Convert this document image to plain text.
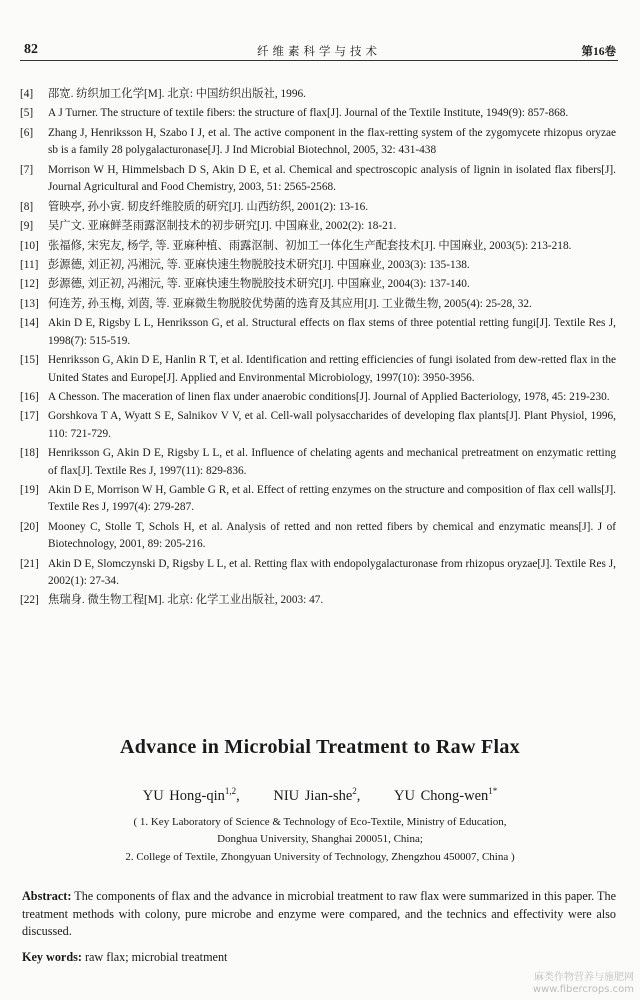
82	纤维素科学与技术	第16卷
[4]	邵宽. 纺织加工化学[M]. 北京: 中国纺织出版社, 1996.
[5]	A J Turner. The structure of textile fibers: the structure of flax[J]. Journal of the Textile Institute, 1949(9): 857-868.
[6]	Zhang J, Henriksson H, Szabo I J, et al. The active component in the flax-retting system of the zygomycete rhizopus oryzae sb is a family 28 polygalacturonase[J]. J Ind Microbial Biotechnol, 2005, 32: 431-438
[7]	Morrison W H, Himmelsbach D S, Akin D E, et al. Chemical and spectroscopic analysis of lignin in isolated flax fibers[J]. Journal Agricultural and Food Chemistry, 2003, 51: 2565-2568.
[8]	管映亭, 孙小寅. 韧皮纤维胶质的研究[J]. 山西纺织, 2001(2): 13-16.
[9]	吴广文. 亚麻鲜茎雨露沤制技术的初步研究[J]. 中国麻业, 2002(2): 18-21.
[10] 张福修, 宋宪友, 杨学, 等. 亚麻种植、雨露沤制、初加工一体化生产配套技术[J]. 中国麻业, 2003(5): 213-218.
[11] 彭源德, 刘正初, 冯湘沅, 等. 亚麻快速生物脱胶技术研究[J]. 中国麻业, 2003(3): 135-138.
[12] 彭源德, 刘正初, 冯湘沅, 等. 亚麻快速生物脱胶技术研究[J]. 中国麻业, 2004(3): 137-140.
[13] 何连芳, 孙玉梅, 刘茵, 等. 亚麻微生物脱胶优势菌的选育及其应用[J]. 工业微生物, 2005(4): 25-28, 32.
[14] Akin D E, Rigsby L L, Henriksson G, et al. Structural effects on flax stems of three potential retting fungi[J]. Textile Res J, 1998(7): 515-519.
[15] Henriksson G, Akin D E, Hanlin R T, et al. Identification and retting efficiencies of fungi isolated from dew-retted flax in the United States and Europe[J]. Applied and Environmental Microbiology, 1997(10): 3950-3956.
[16] A Chesson. The maceration of linen flax under anaerobic conditions[J]. Journal of Applied Bacteriology, 1978, 45: 219-230.
[17] Gorshkova T A, Wyatt S E, Salnikov V V, et al. Cell-wall polysaccharides of developing flax plants[J]. Plant Physiol, 1996, 110: 721-729.
[18] Henriksson G, Akin D E, Rigsby L L, et al. Influence of chelating agents and mechanical pretreatment on enzymatic retting of flax[J]. Textile Res J, 1997(11): 829-836.
[19] Akin D E, Morrison W H, Gamble G R, et al. Effect of retting enzymes on the structure and composition of flax cell walls[J]. Textile Res J, 1997(4): 279-287.
[20] Mooney C, Stolle T, Schols H, et al. Analysis of retted and non retted fibers by chemical and enzymatic means[J]. J of Biotechnology, 2001, 89: 205-216.
[21] Akin D E, Slomczynski D, Rigsby L L, et al. Retting flax with endopolygalacturonase from rhizopus oryzae[J]. Textile Res J, 2002(1): 27-34.
[22] 焦瑞身. 微生物工程[M]. 北京: 化学工业出版社, 2003: 47.
Advance in Microbial Treatment to Raw Flax
YU Hong-qin$^{1,2}$, NIU Jian-she$^2$, YU Chong-wen$^{1*}$
( 1. Key Laboratory of Science & Technology of Eco-Textile, Ministry of Education,
Donghua University, Shanghai 200051, China;
2. College of Textile, Zhongyuan University of Technology, Zhengzhou 450007, China )
Abstract: The components of flax and the advance in microbial treatment to raw flax were summarized in this paper. The treatment methods with colony, pure microbe and enzyme were compared, and the technics and effectivity were also discussed.
Key words: raw flax; microbial treatment
麻类作物营养与施肥网
www.fibercrops.com
